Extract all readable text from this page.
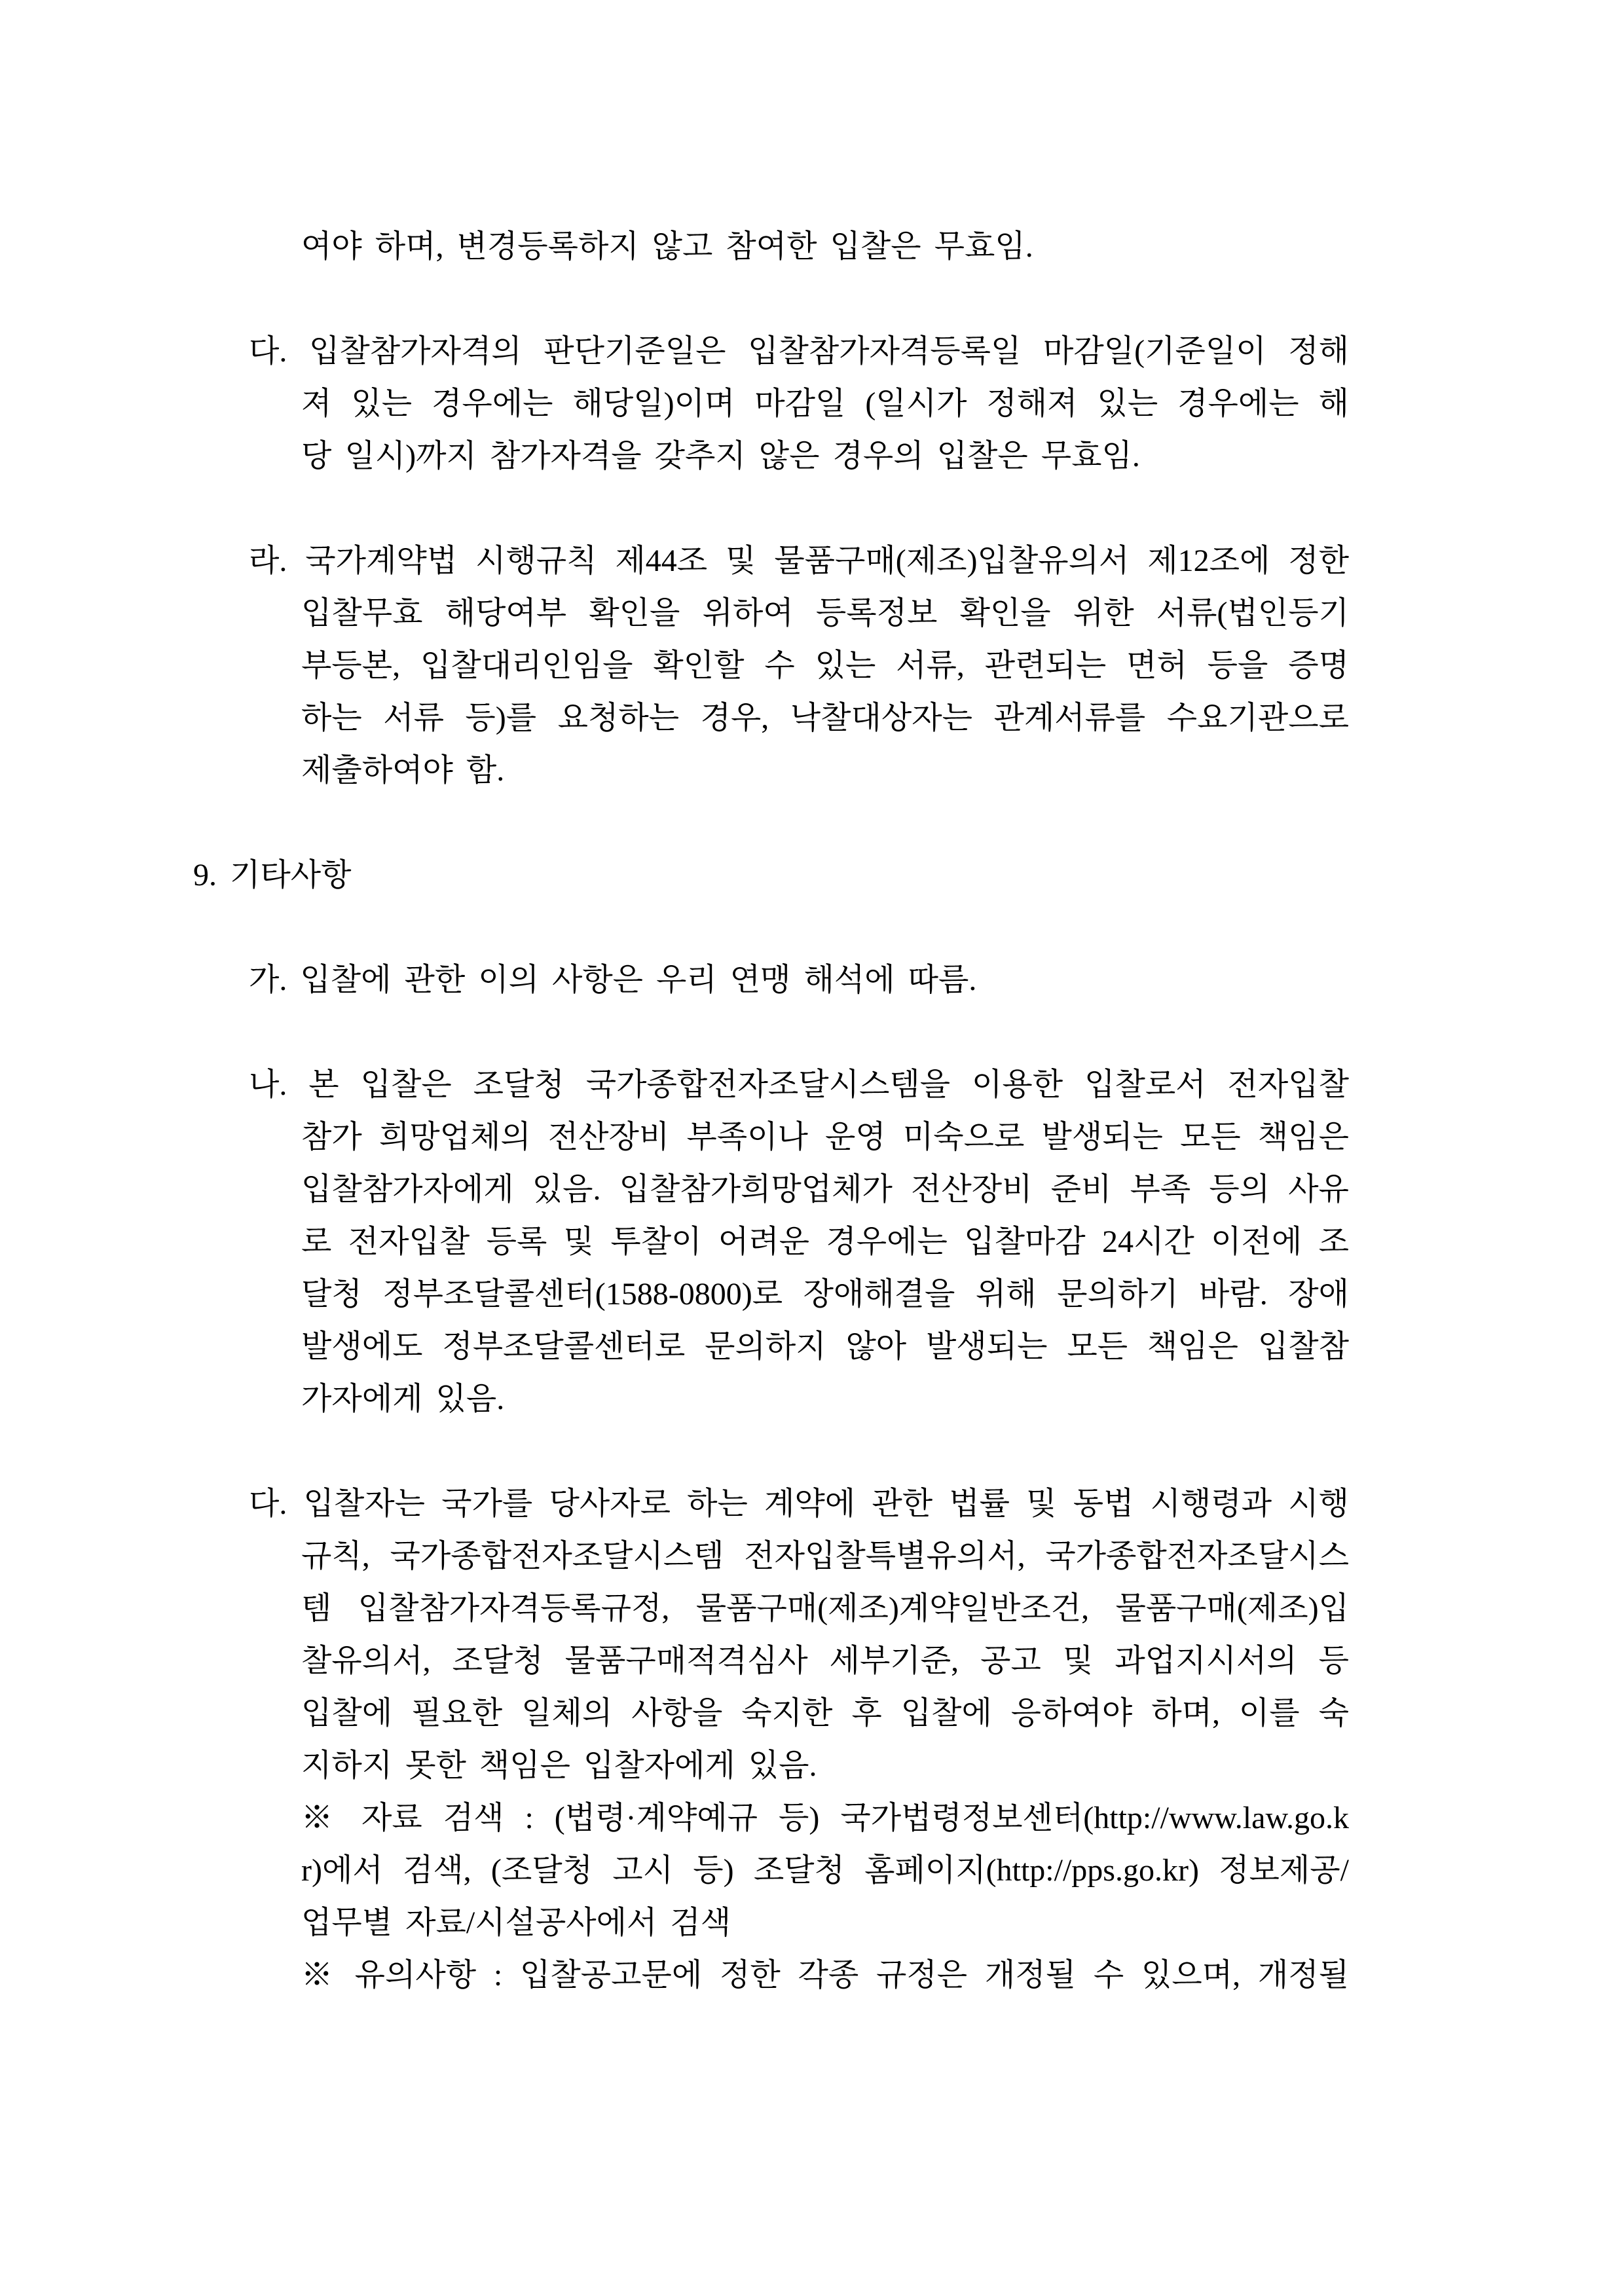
여야 하며, 변경등록하지 않고 참여한 입찰은 무효임.
다. 입찰참가자격의 판단기준일은 입찰참가자격등록일 마감일(기준일이 정해
져 있는 경우에는 해당일)이며 마감일 (일시가 정해져 있는 경우에는 해
당 일시)까지 참가자격을 갖추지 않은 경우의 입찰은 무효임.
라. 국가계약법 시행규칙 제44조 및 물품구매(제조)입찰유의서 제12조에 정한
입찰무효 해당여부 확인을 위하여 등록정보 확인을 위한 서류(법인등기
부등본, 입찰대리인임을 확인할 수 있는 서류, 관련되는 면허 등을 증명
하는 서류 등)를 요청하는 경우, 낙찰대상자는 관계서류를 수요기관으로
제출하여야 함.
9. 기타사항
가. 입찰에 관한 이의 사항은 우리 연맹 해석에 따름.
나. 본 입찰은 조달청 국가종합전자조달시스템을 이용한 입찰로서 전자입찰
참가 희망업체의 전산장비 부족이나 운영 미숙으로 발생되는 모든 책임은
입찰참가자에게 있음. 입찰참가희망업체가 전산장비 준비 부족 등의 사유
로 전자입찰 등록 및 투찰이 어려운 경우에는 입찰마감 24시간 이전에 조
달청 정부조달콜센터(1588-0800)로 장애해결을 위해 문의하기 바람. 장애
발생에도 정부조달콜센터로 문의하지 않아 발생되는 모든 책임은 입찰참
가자에게 있음.
다. 입찰자는 국가를 당사자로 하는 계약에 관한 법률 및 동법 시행령과 시행
규칙, 국가종합전자조달시스템 전자입찰특별유의서, 국가종합전자조달시스
템 입찰참가자격등록규정, 물품구매(제조)계약일반조건, 물품구매(제조)입
찰유의서, 조달청 물품구매적격심사 세부기준, 공고 및 과업지시서의 등
입찰에 필요한 일체의 사항을 숙지한 후 입찰에 응하여야 하며, 이를 숙
지하지 못한 책임은 입찰자에게 있음.
※ 자료 검색 : (법령·계약예규 등) 국가법령정보센터(http://www.law.go.k
r)에서 검색, (조달청 고시 등) 조달청 홈페이지(http://pps.go.kr) 정보제공/
업무별 자료/시설공사에서 검색
※ 유의사항 : 입찰공고문에 정한 각종 규정은 개정될 수 있으며, 개정될
